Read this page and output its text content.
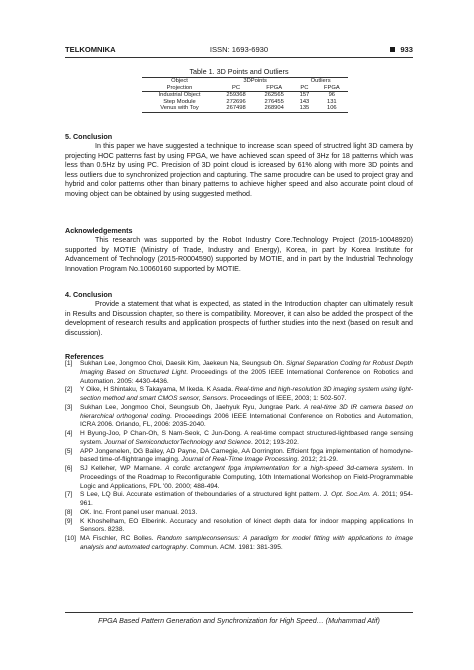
TELKOMNIKA	ISSN: 1693-6930	933
Table 1. 3D Points and Outliers
Object	3DPoints		Outliers	
Projection	PC	FPGA	PC	FPGA
Industrial Object	259368	262565	157	96
Step Module	272696	276455	143	131
Venus with Toy	267498	268904	135	106
5. Conclusion
In this paper we have suggested a technique to increase scan speed of structred light 3D camera by projecting HOC patterns fast by using FPGA, we have achieved scan speed of 3Hz for 18 patterns which was less than 0.5Hz by using PC. Precision of 3D point cloud is icreased by 61% along with more 3D points and less outliers due to synchronized projection and capturing. The same procudre can be used to project gray and hybrid and color patterns other than binary patterns to achieve higher speed and also accurate point cloud of moving object can be obtained by using suggested method.
Acknowledgements
This research was supported by the Robot Industry Core.Technology Project (2015-10048920) supported by MOTIE (Ministry of Trade, Industry and Energy), Korea, in part by Korea Institute for Advancement of Technology (2015-R0004590) supported by MOTIE, and in part by the Industrial Technology Innovation Program No.10060160 supported by MOTIE.
4. Conclusion
Provide a statement that what is expected, as stated in the Introduction chapter can ultimately result in Results and Discussion chapter, so there is compatibility. Moreover, it can also be added the prospect of the development of research results and application prospects of further studies into the next (based on result and discussion).
References
[1] Sukhan Lee, Jongmoo Choi, Daesik Kim, Jaekeun Na, Seungsub Oh. Signal Separation Coding for Robust Depth Imaging Based on Structured Light. Proceedings of the 2005 IEEE International Conference on Robotics and Automation. 2005: 4430-4436.
[2] Y Oike, H Shintaku, S Takayama, M Ikeda. K Asada. Real-time and high-resolution 3D imaging system using light-section method and smart CMOS sensor, Sensors. Proceedings of IEEE, 2003; 1: 502-507.
[3] Sukhan Lee, Jongmoo Choi, Seungsub Oh, Jaehyuk Ryu, Jungrae Park. A real-time 3D IR camera based on hierarchical orthogonal coding. Proceedings 2006 IEEE International Conference on Robotics and Automation, ICRA 2006. Orlando, FL, 2006: 2035-2040.
[4] H Byung-Joo, P Chan-Oh, S Nam-Seok, C Jun-Dong. A real-time compact structured-lightbased range sensing system. Journal of SemiconductorTechnology and Science. 2012; 193-202.
[5] APP Jongenelen, DG Bailey, AD Payne, DA Carnegie, AA Dorrington. Effcient fpga implementation of homodyne-based time-of-flightrange imaging. Journal of Real-Time Image Processing. 2012; 21-29.
[6] SJ Kelleher, WP Marnane. A cordic arctangent fpga implementation for a high-speed 3d-camera system. In Proceedings of the Roadmap to Reconfigurable Computing, 10th International Workshop on Field-Programmable Logic and Applications, FPL '00. 2000; 488-494.
[7] S Lee, LQ Bui. Accurate estimation of theboundaries of a structured light pattern. J. Opt. Soc.Am. A. 2011; 954-961.
[8] OK. Inc. Front panel user manual. 2013.
[9] K Khoshelham, EO Elberink. Accuracy and resolution of kinect depth data for indoor mapping applications In Sensors. 8238.
[10] MA Fischler, RC Bolles. Random sampleconsensus: A paradigm for model fitting with applications to image analysis and automated cartography. Commun. ACM. 1981: 381-395.
FPGA Based Pattern Generation and Synchronization for High Speed… (Muhammad Atif)
